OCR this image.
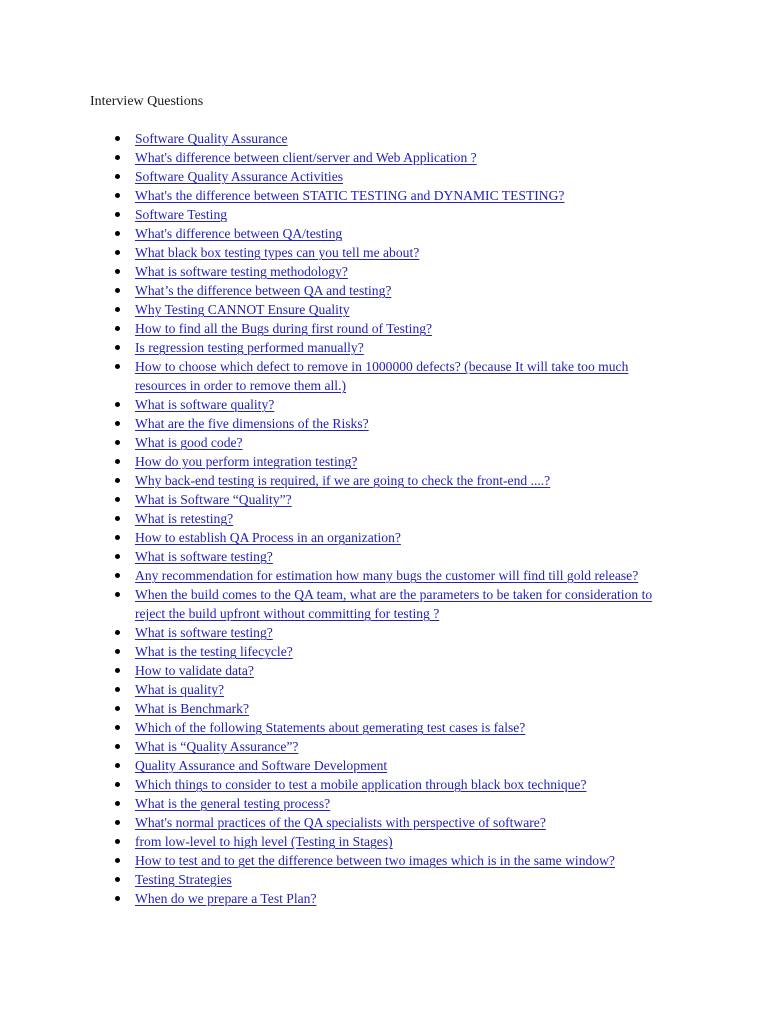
Interview Questions
Software Quality Assurance
What's difference between client/server and Web Application ?
Software Quality Assurance Activities
What's the difference between STATIC TESTING and DYNAMIC TESTING?
Software Testing
What's difference between QA/testing
What black box testing types can you tell me about?
What is software testing methodology?
What’s the difference between QA and testing?
Why Testing CANNOT Ensure Quality
How to find all the Bugs during first round of Testing?
Is regression testing performed manually?
How to choose which defect to remove in 1000000 defects? (because It will take too much resources in order to remove them all.)
What is software quality?
What are the five dimensions of the Risks?
What is good code?
How do you perform integration testing?
Why back-end testing is required, if we are going to check the front-end ....?
What is Software “Quality”?
What is retesting?
How to establish QA Process in an organization?
What is software testing?
Any recommendation for estimation how many bugs the customer will find till gold release?
When the build comes to the QA team, what are the parameters to be taken for consideration to reject the build upfront without committing for testing ?
What is software testing?
What is the testing lifecycle?
How to validate data?
What is quality?
What is Benchmark?
Which of the following Statements about gemerating test cases is false?
What is “Quality Assurance”?
Quality Assurance and Software Development
Which things to consider to test a mobile application through black box technique?
What is the general testing process?
What's normal practices of the QA specialists with perspective of software?
from low-level to high level (Testing in Stages)
How to test and to get the difference between two images which is in the same window?
Testing Strategies
When do we prepare a Test Plan?
